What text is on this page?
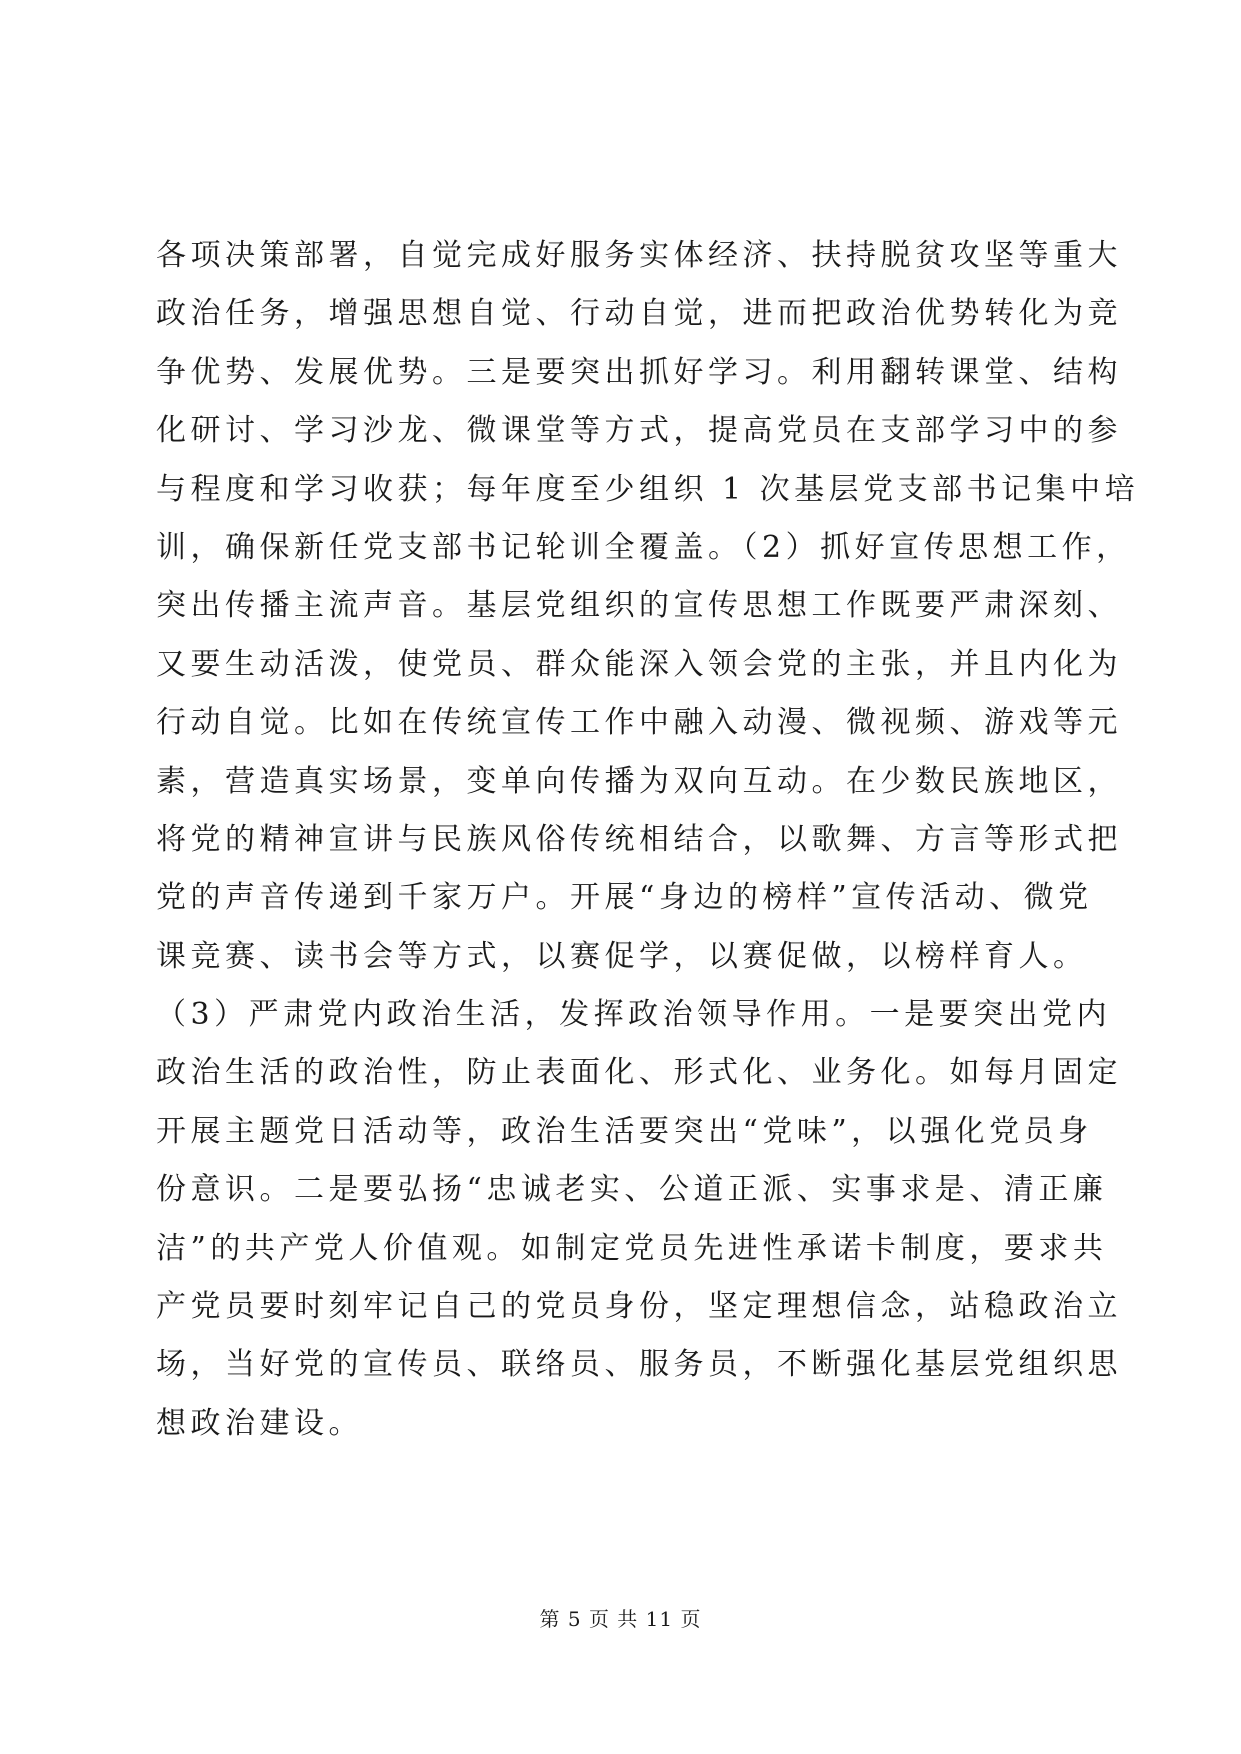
各项决策部署，自觉完成好服务实体经济、扶持脱贫攻坚等重大
政治任务，增强思想自觉、行动自觉，进而把政治优势转化为竞
争优势、发展优势。三是要突出抓好学习。利用翻转课堂、结构
化研讨、学习沙龙、微课堂等方式，提高党员在支部学习中的参
与程度和学习收获；每年度至少组织 1 次基层党支部书记集中培
训，确保新任党支部书记轮训全覆盖。（2）抓好宣传思想工作，
突出传播主流声音。基层党组织的宣传思想工作既要严肃深刻、
又要生动活泼，使党员、群众能深入领会党的主张，并且内化为
行动自觉。比如在传统宣传工作中融入动漫、微视频、游戏等元
素，营造真实场景，变单向传播为双向互动。在少数民族地区，
将党的精神宣讲与民族风俗传统相结合，以歌舞、方言等形式把
党的声音传递到千家万户。开展“身边的榜样”宣传活动、微党
课竞赛、读书会等方式，以赛促学，以赛促做，以榜样育人。
（3）严肃党内政治生活，发挥政治领导作用。一是要突出党内
政治生活的政治性，防止表面化、形式化、业务化。如每月固定
开展主题党日活动等，政治生活要突出“党味”，以强化党员身
份意识。二是要弘扬“忠诚老实、公道正派、实事求是、清正廉
洁”的共产党人价值观。如制定党员先进性承诺卡制度，要求共
产党员要时刻牢记自己的党员身份，坚定理想信念，站稳政治立
场，当好党的宣传员、联络员、服务员，不断强化基层党组织思
想政治建设。
第 5 页 共 11 页
